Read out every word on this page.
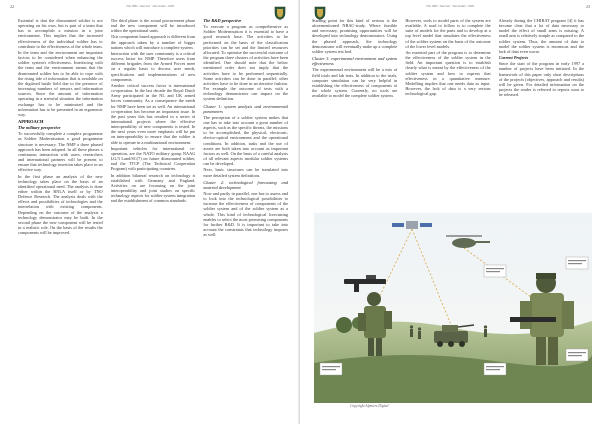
22	The NBC Journal · December 1999

Essential is that the dismounted soldier is not operating on his own, but is part of a team that has to accomplish a mission in a joint environment. This implies that the increased effectiveness of the individual soldier has to contribute to the effectiveness of the whole team.

In the team and the environment are important factors to be considered when enhancing the soldier system's effectiveness. Interfacing with the team and the environment means that the dismounted soldier has to be able to cope with the rising tide of information that is available on the digitised battle field due to the presence of increasing numbers of sensors and information sources. Since the amount of information operating in a stressful situation the information exchange has to be minimised and the information has to be presented in an ergonomic way.

APPROACH

The military perspective

To successfully complete a complex programme as Soldier Modernisation a good programme structure is necessary. The NMP a three phased approach has been adopted. In all these phases a continuous interaction with users, researchers and international partners will be present to ensure that technology insertion takes place in an effective way.

In the first phase an analysis of the new technology takes place on the basis of an identified operational need. The analysis is done either within the RNLA itself or by TNO Defence Research. The analysis deals with the effects and possibilities of technologies and the interrelation with existing components. Depending on the outcome of the analysis a technology demonstrator may be built. In the second phase the new component will be tested in a realistic role. On the basis of the results the components will be improved.

The third phase is the actual procurement phase and the new component will be introduced within the operational units.

This component based approach is different from the approach taken by a number of bigger nations which will introduce a complete system.

Interaction with the user community is a critical success factor for NMP. Therefore users from different brigades from the Armed Forces meet on a regular basis to discuss user needs, specifications and implementations of new components.

Another critical success factor is international co-operation. In the last decade the Royal Dutch Army participated in the NL and UK armed forces community. As a consequence the needs for NMP have been set as well. An international co-operation has become an important issue. In the past years this has resulted in a series of international projects where the effective interoperability of new components is tested. In the next years even more emphasis will be put on interoperability to ensure that the soldier is able to operate in a multinational environment.

Important vehicles for international co-operation, are the NATO military group NAAG LG/3 Land/SC(7) on future dismounted soldier, and the TTCP (The Technical Cooperation Program) with participating countries.

In addition bilateral research on technology is established with Germany and England. Activities on are focussing on the joint interoperability and joint studies on specific technology aspects for soldier system integration and the establishment of common standards.

The R&D perspective

To execute a program as comprehensive as Soldier Modernisation it is essential to have a good research base. The activities to be performed on the basis of the classification priorities can be set and the limited resources allocated. To optimise the successful outcome of the program three clusters of activities have been identified. One should note that the below mentioned order does not imply that the activities have to be performed sequentially. Some activities can be done in parallel; other activities have to be done in an iterative fashion. For example the outcome of tests with a technology demonstrator can impact on the system definition.

Cluster 1: system analysis and environmental parameters

The perception of a soldier system makes that one has to take into account a great number of aspects, such as the specific threats, the missions to be accomplished, the physical, electronic, electro-optical environment and the operational conditions. In addition, tasks and the use of assets are both taken into account as important factors as well. On the basis of a careful analysis of all relevant aspects modular soldier systems can be developed.

Next, basic structures can be translated into more detailed system definitions.

Cluster 2: technological forecasting and material development

Now and partly in parallel, one has to assess and to look into the technological possibilities to increase the effectiveness of components of the soldier system and of the soldier system as a whole. This kind of technological forecasting enables to select the most promising components for further R&D. It is important to take into account the constraints that technology imposes as well.

The NBC Journal · December 1999	23

Starting point for this kind of serious is the aforementioned NBAC-study. Where feasible and necessary, promising opportunities will be developed into technology demonstrators. Using the phased approach, the technology demonstrator will eventually make up a complete soldier system test bed.

Cluster 3: experimental environment and system effectiveness

The experimental environment will be a mix of field trials and lab tests. In addition to the trials, computer simulation can be very helpful in establishing the effectiveness of components of the whole system. Currently, no tools are available to model the complete soldier system.

However, tools to model parts of the system are available. A road to follow is to complete the suite of models for the parts and to develop at a top level model that simulates the effectiveness of the soldier system on the basis of the outcome of the lower level models.

An essential part of the program is to determine the effectiveness of the soldier system in the field. An important question is to establish clearly what is meant by the effectiveness of the soldier system and how to express that effectiveness in a quantitative measure. Modelling implies that one needs data as input. However, the lack of data is a very serious technological gap.

Already during the CHIRAT program [4] it has become clear that a lot of data necessary to model the effect of small arms is missing. A small arm is relatively simple as compared to the soldier system. Thus, the amount of data to model the soldier system is enormous and the lack of data even worse.

Current Projects

Since the start of the program in early 1997 a number of projects have been initiated. In the framework of this paper only short descriptions of the projects (objectives, approach and results) will be given. For detailed information on the projects the reader is referred to reports soon to be released.

Copyright Alpmers Digital
